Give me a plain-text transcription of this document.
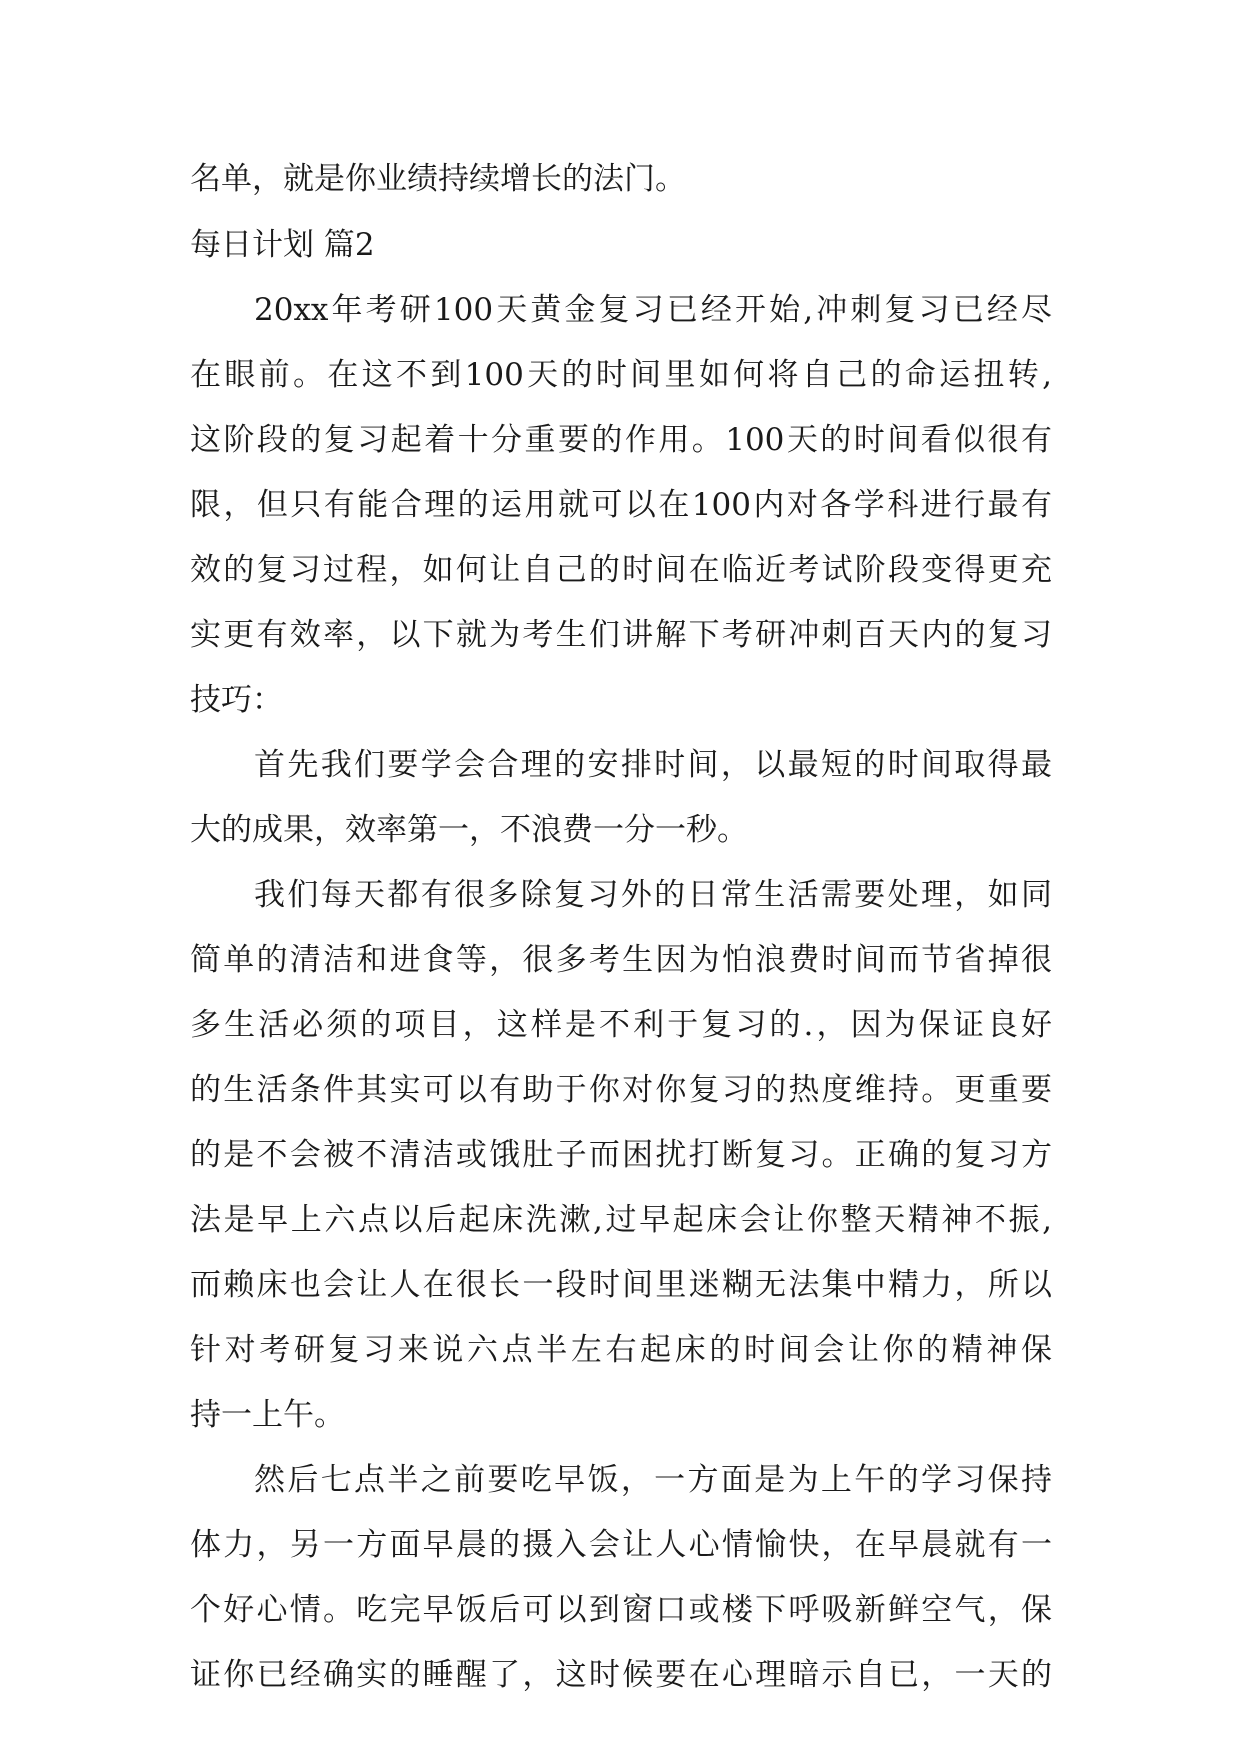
名单，就是你业绩持续增长的法门。
每日计划 篇2
20xx年考研100天黄金复习已经开始,冲刺复习已经尽
在眼前。在这不到100天的时间里如何将自己的命运扭转,
这阶段的复习起着十分重要的作用。100天的时间看似很有
限，但只有能合理的运用就可以在100内对各学科进行最有
效的复习过程，如何让自己的时间在临近考试阶段变得更充
实更有效率，以下就为考生们讲解下考研冲刺百天内的复习
技巧：
首先我们要学会合理的安排时间，以最短的时间取得最
大的成果，效率第一，不浪费一分一秒。
我们每天都有很多除复习外的日常生活需要处理，如同
简单的清洁和进食等，很多考生因为怕浪费时间而节省掉很
多生活必须的项目，这样是不利于复习的.，因为保证良好
的生活条件其实可以有助于你对你复习的热度维持。更重要
的是不会被不清洁或饿肚子而困扰打断复习。正确的复习方
法是早上六点以后起床洗漱,过早起床会让你整天精神不振,
而赖床也会让人在很长一段时间里迷糊无法集中精力，所以
针对考研复习来说六点半左右起床的时间会让你的精神保
持一上午。
然后七点半之前要吃早饭，一方面是为上午的学习保持
体力，另一方面早晨的摄入会让人心情愉快，在早晨就有一
个好心情。吃完早饭后可以到窗口或楼下呼吸新鲜空气，保
证你已经确实的睡醒了，这时候要在心理暗示自已，一天的
